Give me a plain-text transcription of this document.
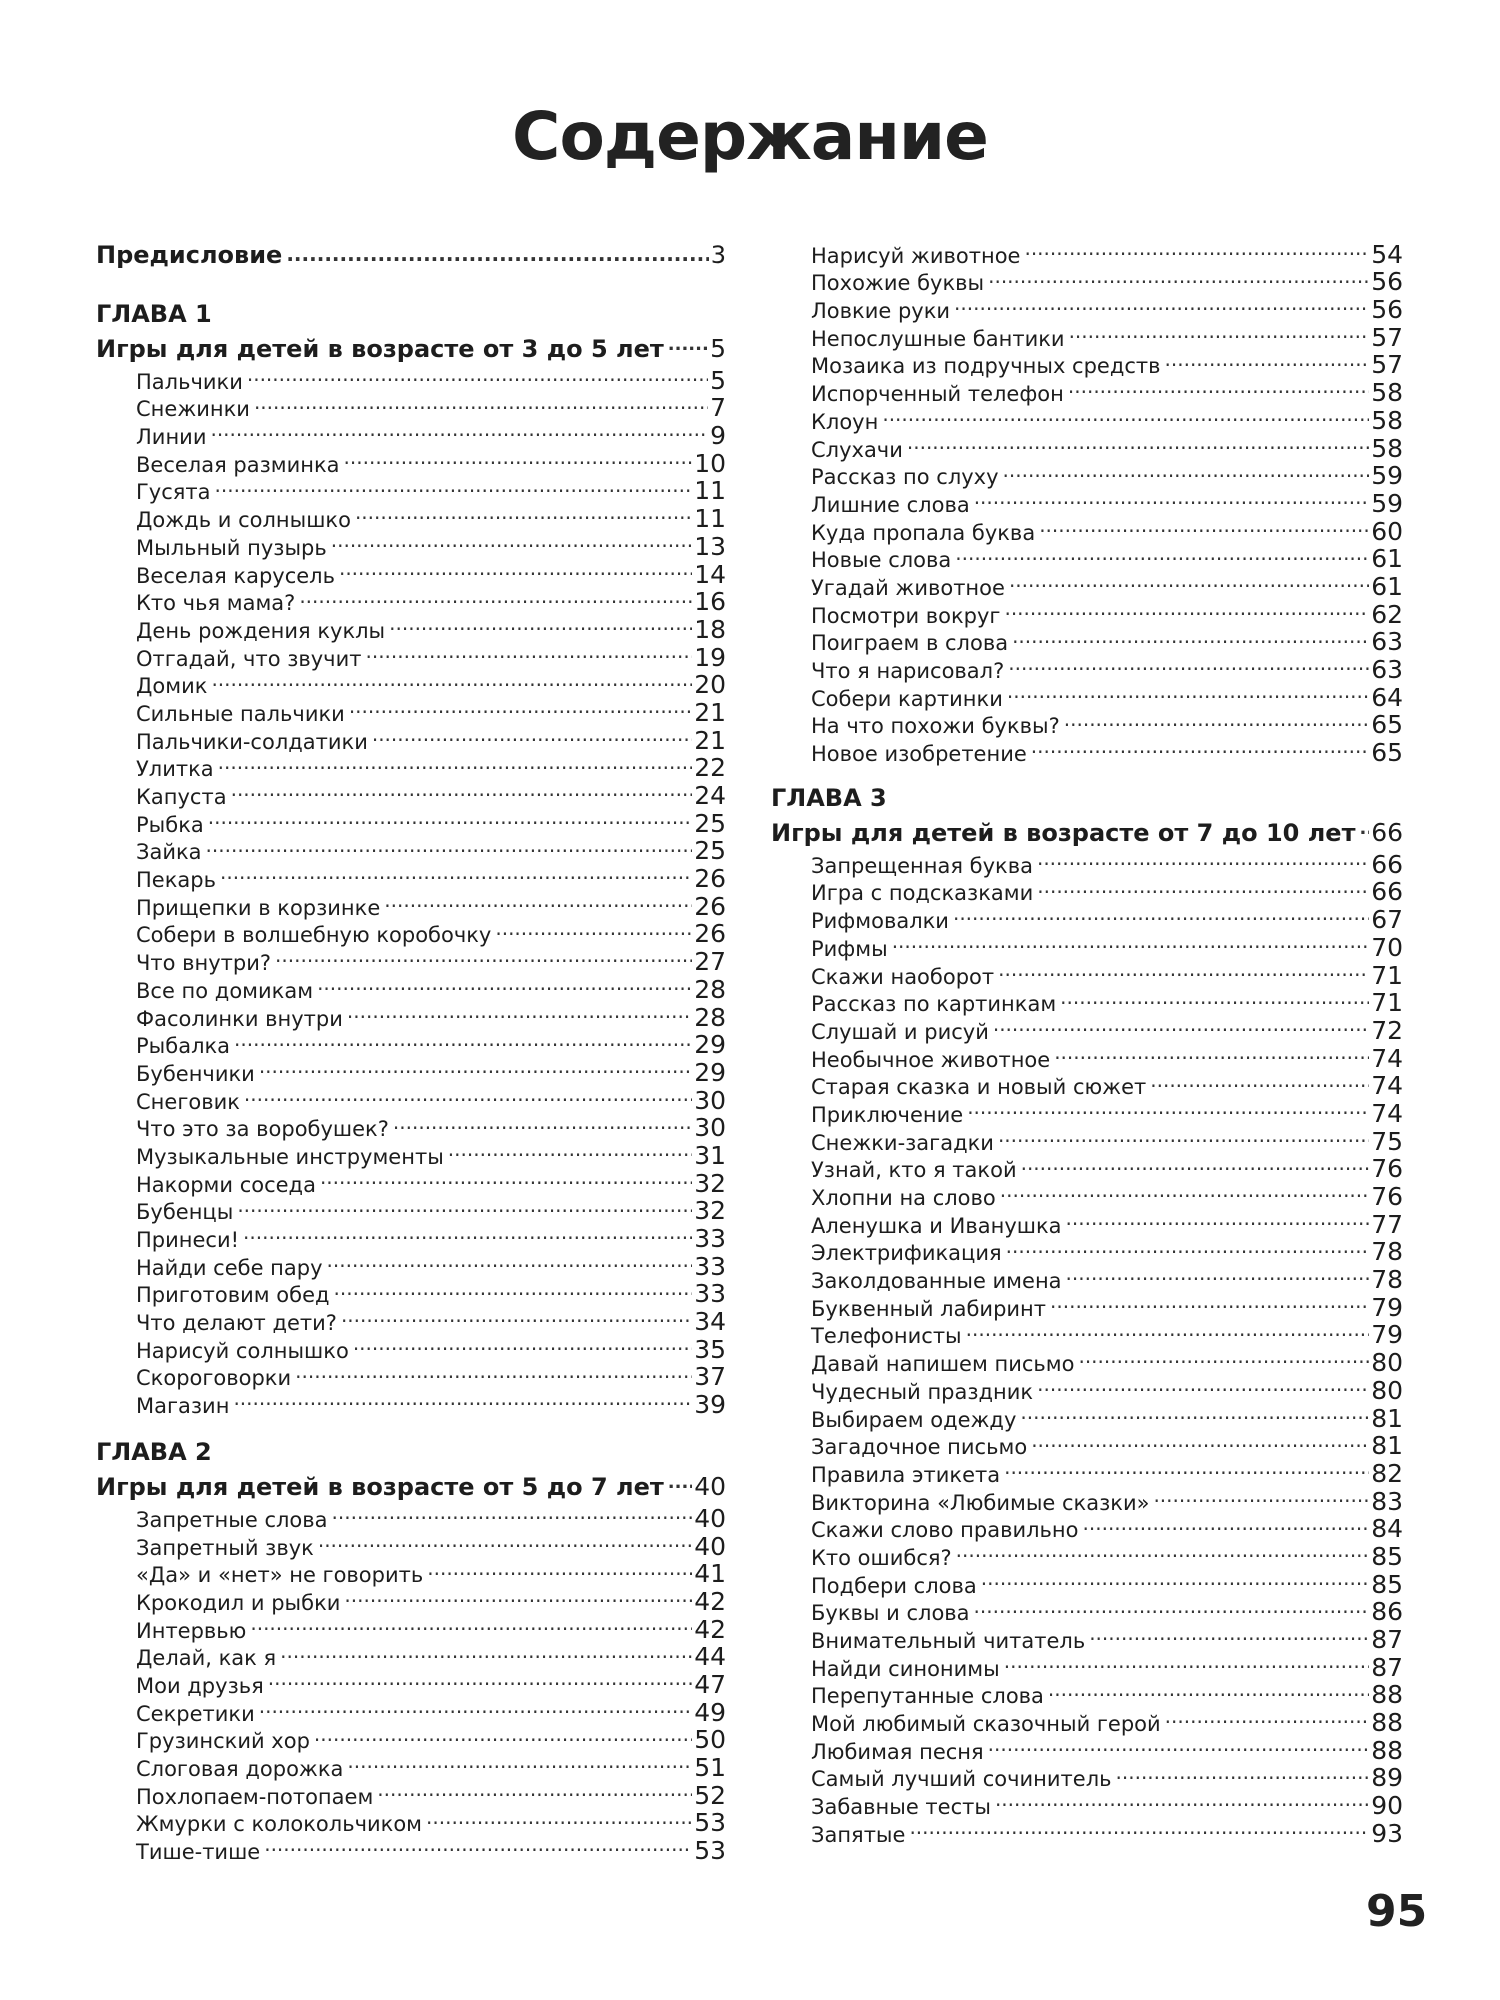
Содержание
Предисловие .....	3
ГЛАВА 1
Игры для детей в возрасте от 3 до 5 лет ..... 5
Пальчики .....	5
Снежинки .....	7
Линии .....	9
Веселая разминка .....	10
Гусята .....	11
Дождь и солнышко .....	11
Мыльный пузырь .....	13
Веселая карусель .....	14
Кто чья мама? .....	16
День рождения куклы .....	18
Отгадай, что звучит .....	19
Домик .....	20
Сильные пальчики .....	21
Пальчики-солдатики .....	21
Улитка .....	22
Капуста .....	24
Рыбка .....	25
Зайка .....	25
Пекарь .....	26
Прищепки в корзинке .....	26
Собери в волшебную коробочку .....	26
Что внутри? .....	27
Все по домикам .....	28
Фасолинки внутри .....	28
Рыбалка .....	29
Бубенчики .....	29
Снеговик .....	30
Что это за воробушек? .....	30
Музыкальные инструменты .....	31
Накорми соседа .....	32
Бубенцы .....	32
Принеси! .....	33
Найди себе пару .....	33
Приготовим обед .....	33
Что делают дети? .....	34
Нарисуй солнышко .....	35
Скороговорки .....	37
Магазин .....	39
ГЛАВА 2
Игры для детей в возрасте от 5 до 7 лет ..... 40
Запретные слова .....	40
Запретный звук .....	40
«Да» и «нет» не говорить .....	41
Крокодил и рыбки .....	42
Интервью .....	42
Делай, как я .....	44
Мои друзья .....	47
Секретики .....	49
Грузинский хор .....	50
Слоговая дорожка .....	51
Похлопаем-потопаем .....	52
Жмурки с колокольчиком .....	53
Тише-тише .....	53
Нарисуй животное .....	54
Похожие буквы .....	56
Ловкие руки .....	56
Непослушные бантики .....	57
Мозаика из подручных средств .....	57
Испорченный телефон .....	58
Клоун .....	58
Слухачи .....	58
Рассказ по слуху .....	59
Лишние слова .....	59
Куда пропала буква .....	60
Новые слова .....	61
Угадай животное .....	61
Посмотри вокруг .....	62
Поиграем в слова .....	63
Что я нарисовал? .....	63
Собери картинки .....	64
На что похожи буквы? .....	65
Новое изобретение .....	65
ГЛАВА 3
Игры для детей в возрасте от 7 до 10 лет ..... 66
Запрещенная буква .....	66
Игра с подсказками .....	66
Рифмовалки .....	67
Рифмы .....	70
Скажи наоборот .....	71
Рассказ по картинкам .....	71
Слушай и рисуй .....	72
Необычное животное .....	74
Старая сказка и новый сюжет .....	74
Приключение .....	74
Снежки-загадки .....	75
Узнай, кто я такой .....	76
Хлопни на слово .....	76
Аленушка и Иванушка .....	77
Электрификация .....	78
Заколдованные имена .....	78
Буквенный лабиринт .....	79
Телефонисты .....	79
Давай напишем письмо .....	80
Чудесный праздник .....	80
Выбираем одежду .....	81
Загадочное письмо .....	81
Правила этикета .....	82
Викторина «Любимые сказки» .....	83
Скажи слово правильно .....	84
Кто ошибся? .....	85
Подбери слова .....	85
Буквы и слова .....	86
Внимательный читатель .....	87
Найди синонимы .....	87
Перепутанные слова .....	88
Мой любимый сказочный герой .....	88
Любимая песня .....	88
Самый лучший сочинитель .....	89
Забавные тесты .....	90
Запятые .....	93
95
